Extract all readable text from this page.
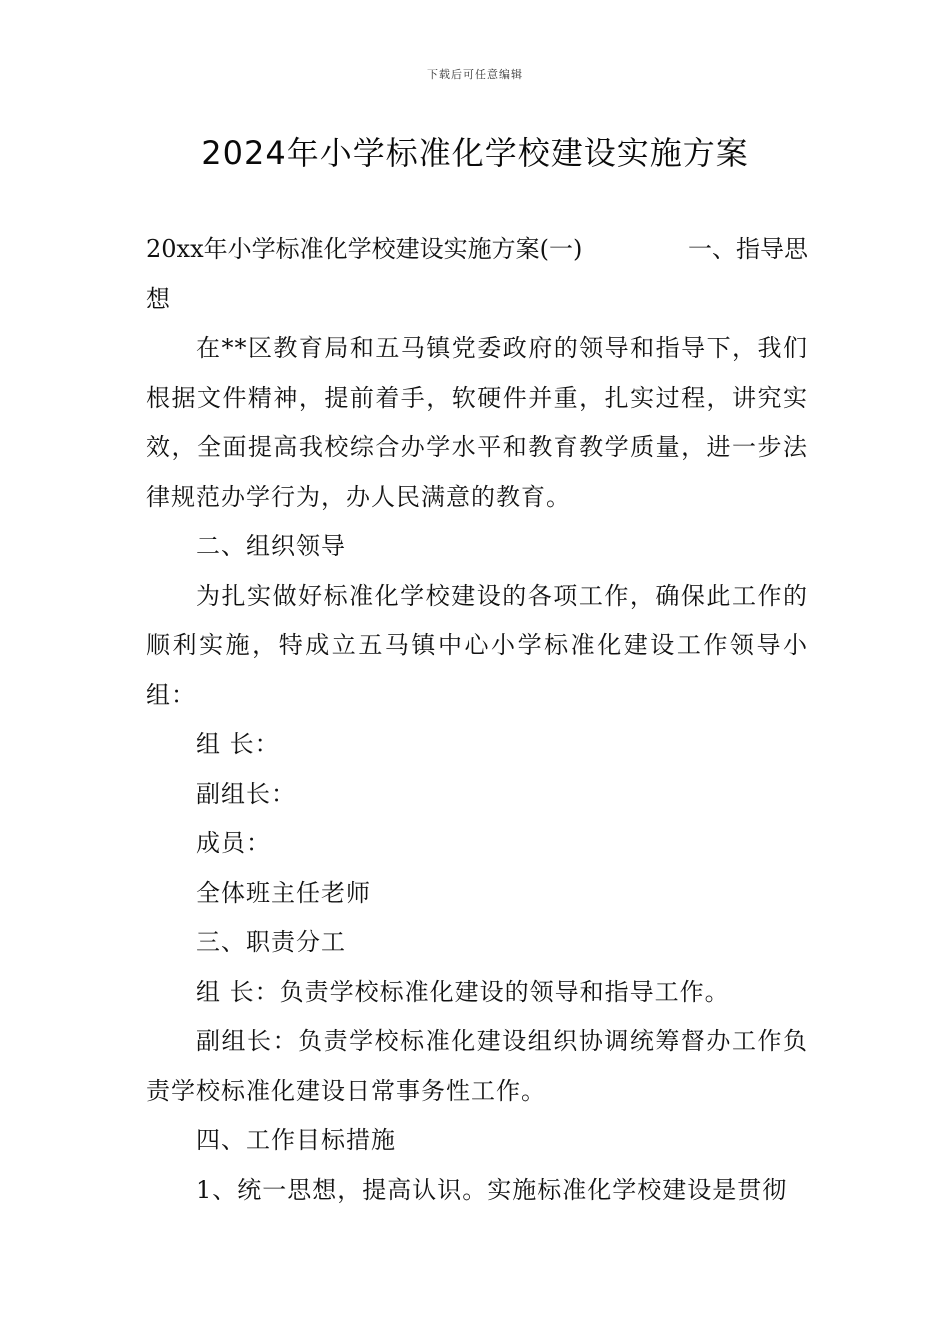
下载后可任意编辑
2024年小学标准化学校建设实施方案
20xx年小学标准化学校建设实施方案(一)	一、指导思

想

在**区教育局和五马镇党委政府的领导和指导下，我们根据文件精神，提前着手，软硬件并重，扎实过程，讲究实效，全面提高我校综合办学水平和教育教学质量，进一步法律规范办学行为，办人民满意的教育。

二、组织领导

为扎实做好标准化学校建设的各项工作，确保此工作的顺利实施，特成立五马镇中心小学标准化建设工作领导小组：

组 长：

副组长：

成员：

全体班主任老师

三、职责分工

组 长：负责学校标准化建设的领导和指导工作。

副组长：负责学校标准化建设组织协调统筹督办工作负责学校标准化建设日常事务性工作。

四、工作目标措施

1、统一思想，提高认识。实施标准化学校建设是贯彻
